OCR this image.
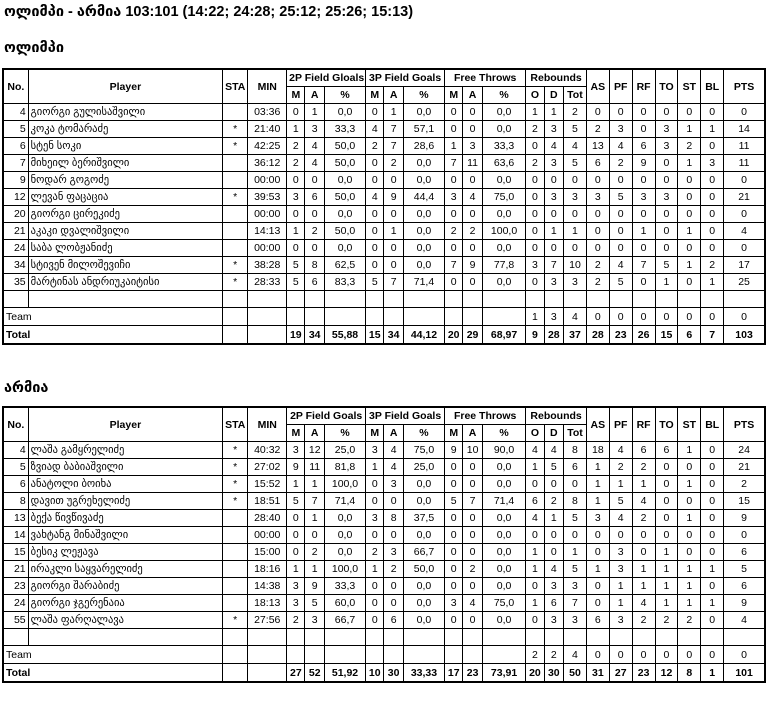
ოლიმპი - არმია 103:101 (14:22; 24:28; 25:12; 25:26; 15:13)
ოლიმპი
No.	Player	STA	MIN	2P Field Gloals			3P Field Goals			Free Throws			Rebounds			AS	PF	RF	TO	ST	BL	PTS
				M	A	%	M	A	%	M	A	%	O	D	Tot							
4	გიორგი გულისაშვილი		03:36	0	1	0,0	0	1	0,0	0	0	0,0	1	1	2	0	0	0	0	0	0	0
5	კოკა ტომარაძე	*	21:40	1	3	33,3	4	7	57,1	0	0	0,0	2	3	5	2	3	0	3	1	1	14
6	სტენ სოკი	*	42:25	2	4	50,0	2	7	28,6	1	3	33,3	0	4	4	13	4	6	3	2	0	11
7	მიხეილ ბერიშვილი		36:12	2	4	50,0	0	2	0,0	7	11	63,6	2	3	5	6	2	9	0	1	3	11
9	ნოდარ გოგოძე		00:00	0	0	0,0	0	0	0,0	0	0	0,0	0	0	0	0	0	0	0	0	0	0
12	ლევან ფაცაცია	*	39:53	3	6	50,0	4	9	44,4	3	4	75,0	0	3	3	3	5	3	3	0	0	21
20	გიორგი ცირეკიძე		00:00	0	0	0,0	0	0	0,0	0	0	0,0	0	0	0	0	0	0	0	0	0	0
21	აკაკი დვალიშვილი		14:13	1	2	50,0	0	1	0,0	2	2	100,0	0	1	1	0	0	1	0	1	0	4
24	საბა ლობჟანიძე		00:00	0	0	0,0	0	0	0,0	0	0	0,0	0	0	0	0	0	0	0	0	0	0
34	სტივენ მილოშევიჩი	*	38:28	5	8	62,5	0	0	0,0	7	9	77,8	3	7	10	2	4	7	5	1	2	17
35	მარტინას ანდრიუკაიტისი	*	28:33	5	6	83,3	5	7	71,4	0	0	0,0	0	3	3	2	5	0	1	0	1	25

Team													1	3	4	0	0	0	0	0	0	0
Total				19	34	55,88	15	34	44,12	20	29	68,97	9	28	37	28	23	26	15	6	7	103
არმია
No.	Player	STA	MIN	2P Field Goals			3P Field Goals			Free Throws			Rebounds			AS	PF	RF	TO	ST	BL	PTS
				M	A	%	M	A	%	M	A	%	O	D	Tot							
4	ლაშა გამყრელიძე	*	40:32	3	12	25,0	3	4	75,0	9	10	90,0	4	4	8	18	4	6	6	1	0	24
5	ზვიად ბაბიაშვილი	*	27:02	9	11	81,8	1	4	25,0	0	0	0,0	1	5	6	1	2	2	0	0	0	21
6	ანატოლი ბოიხა	*	15:52	1	1	100,0	0	3	0,0	0	0	0,0	0	0	0	1	1	1	0	1	0	2
8	დავით უგრეხელიძე	*	18:51	5	7	71,4	0	0	0,0	5	7	71,4	6	2	8	1	5	4	0	0	0	15
13	ბექა წივწივაძე		28:40	0	1	0,0	3	8	37,5	0	0	0,0	4	1	5	3	4	2	0	1	0	9
14	ვახტანგ მინაშვილი		00:00	0	0	0,0	0	0	0,0	0	0	0,0	0	0	0	0	0	0	0	0	0	0
15	ბესიკ ლეჟავა		15:00	0	2	0,0	2	3	66,7	0	0	0,0	1	0	1	0	3	0	1	0	0	6
21	ირაკლი საყვარელიძე		18:16	1	1	100,0	1	2	50,0	0	2	0,0	1	4	5	1	3	1	1	1	1	5
23	გიორგი შარაბიძე		14:38	3	9	33,3	0	0	0,0	0	0	0,0	0	3	3	0	1	1	1	1	0	6
24	გიორგი ჯგერენაია		18:13	3	5	60,0	0	0	0,0	3	4	75,0	1	6	7	0	1	4	1	1	1	9
55	ლაშა ფარღალავა	*	27:56	2	3	66,7	0	6	0,0	0	0	0,0	0	3	3	6	3	2	2	2	0	4

Team													2	2	4	0	0	0	0	0	0	0
Total				27	52	51,92	10	30	33,33	17	23	73,91	20	30	50	31	27	23	12	8	1	101
